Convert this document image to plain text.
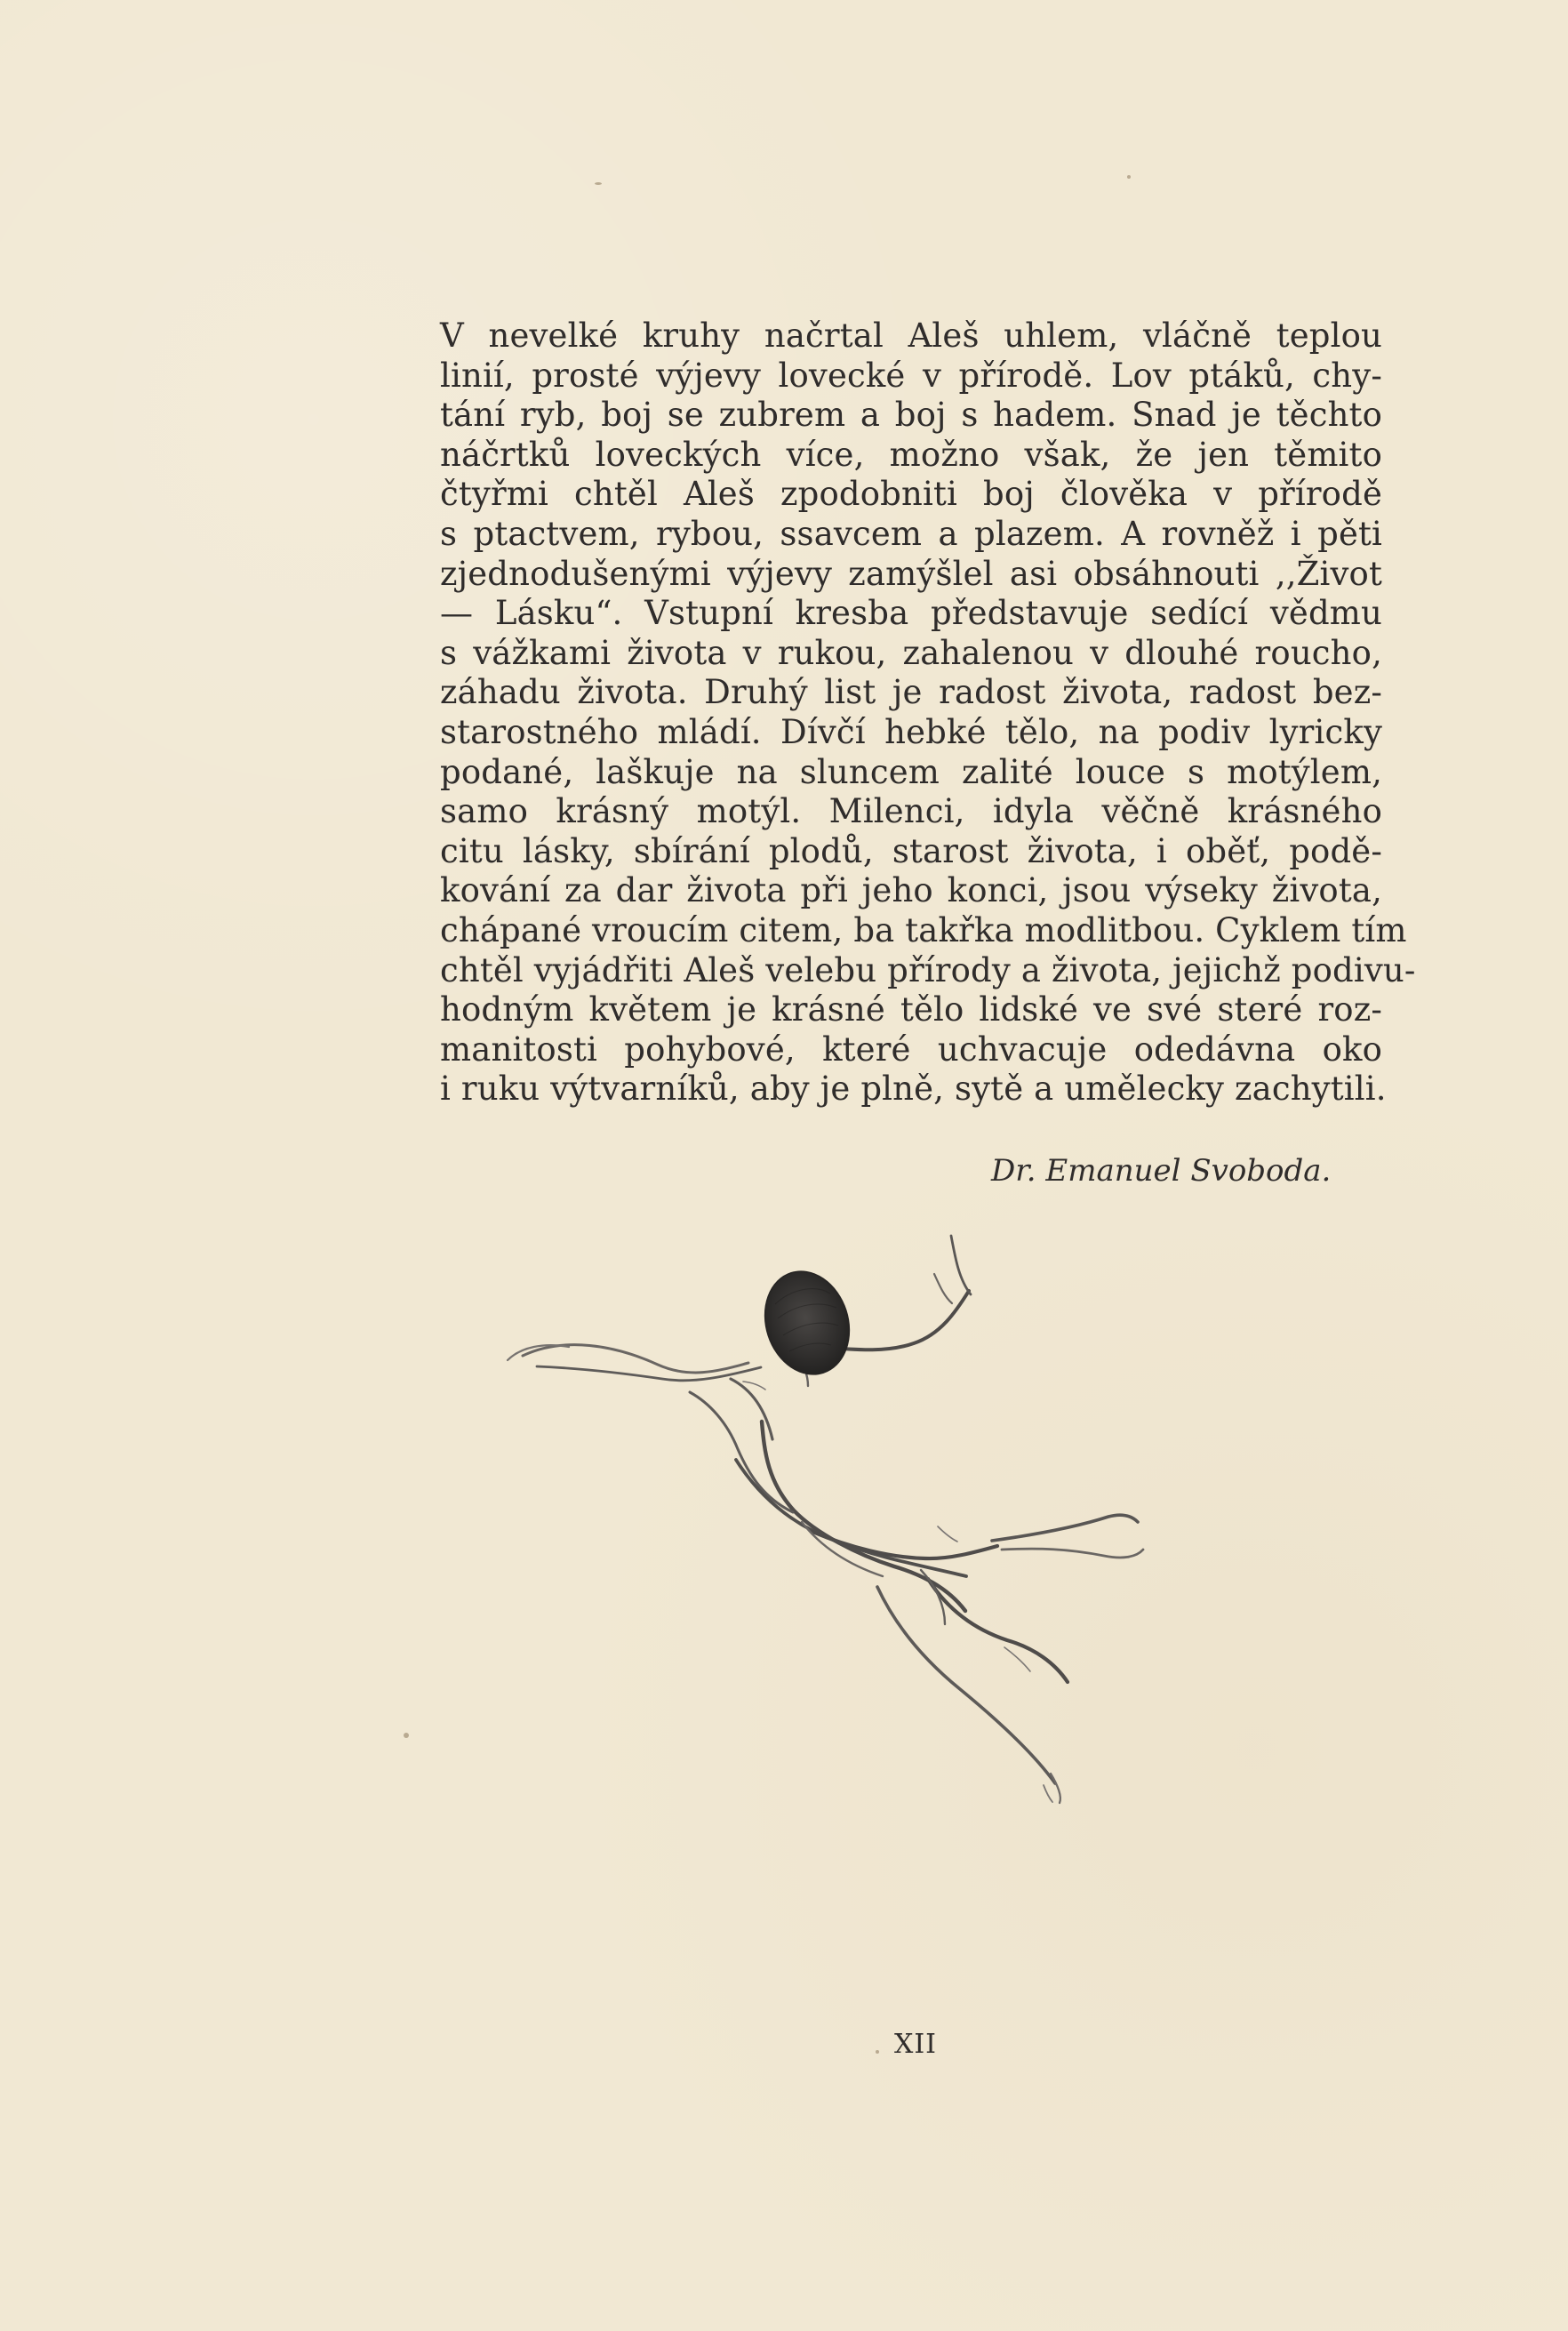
V nevelké kruhy načrtal Aleš uhlem, vláčně teplou
linií, prosté výjevy lovecké v přírodě. Lov ptáků, chy-
tání ryb, boj se zubrem a boj s hadem. Snad je těchto
náčrtků loveckých více, možno však, že jen těmito
čtyřmi chtěl Aleš zpodobniti boj člověka v přírodě
s ptactvem, rybou, ssavcem a plazem. A rovněž i pěti
zjednodušenými výjevy zamýšlel asi obsáhnouti ,,Život
— Lásku“. Vstupní kresba představuje sedící vědmu
s vážkami života v rukou, zahalenou v dlouhé roucho,
záhadu života. Druhý list je radost života, radost bez-
starostného mládí. Dívčí hebké tělo, na podiv lyricky
podané, laškuje na sluncem zalité louce s motýlem,
samo krásný motýl. Milenci, idyla věčně krásného
citu lásky, sbírání plodů, starost života, i oběť, podě-
kování za dar života při jeho konci, jsou výseky života,
chápané vroucím citem, ba takřka modlitbou. Cyklem tím
chtěl vyjádřiti Aleš velebu přírody a života, jejichž podivu-
hodným květem je krásné tělo lidské ve své steré roz-
manitosti pohybové, které uchvacuje odedávna oko
i ruku výtvarníků, aby je plně, sytě a umělecky zachytili.
Dr. Emanuel Svoboda.
XII
